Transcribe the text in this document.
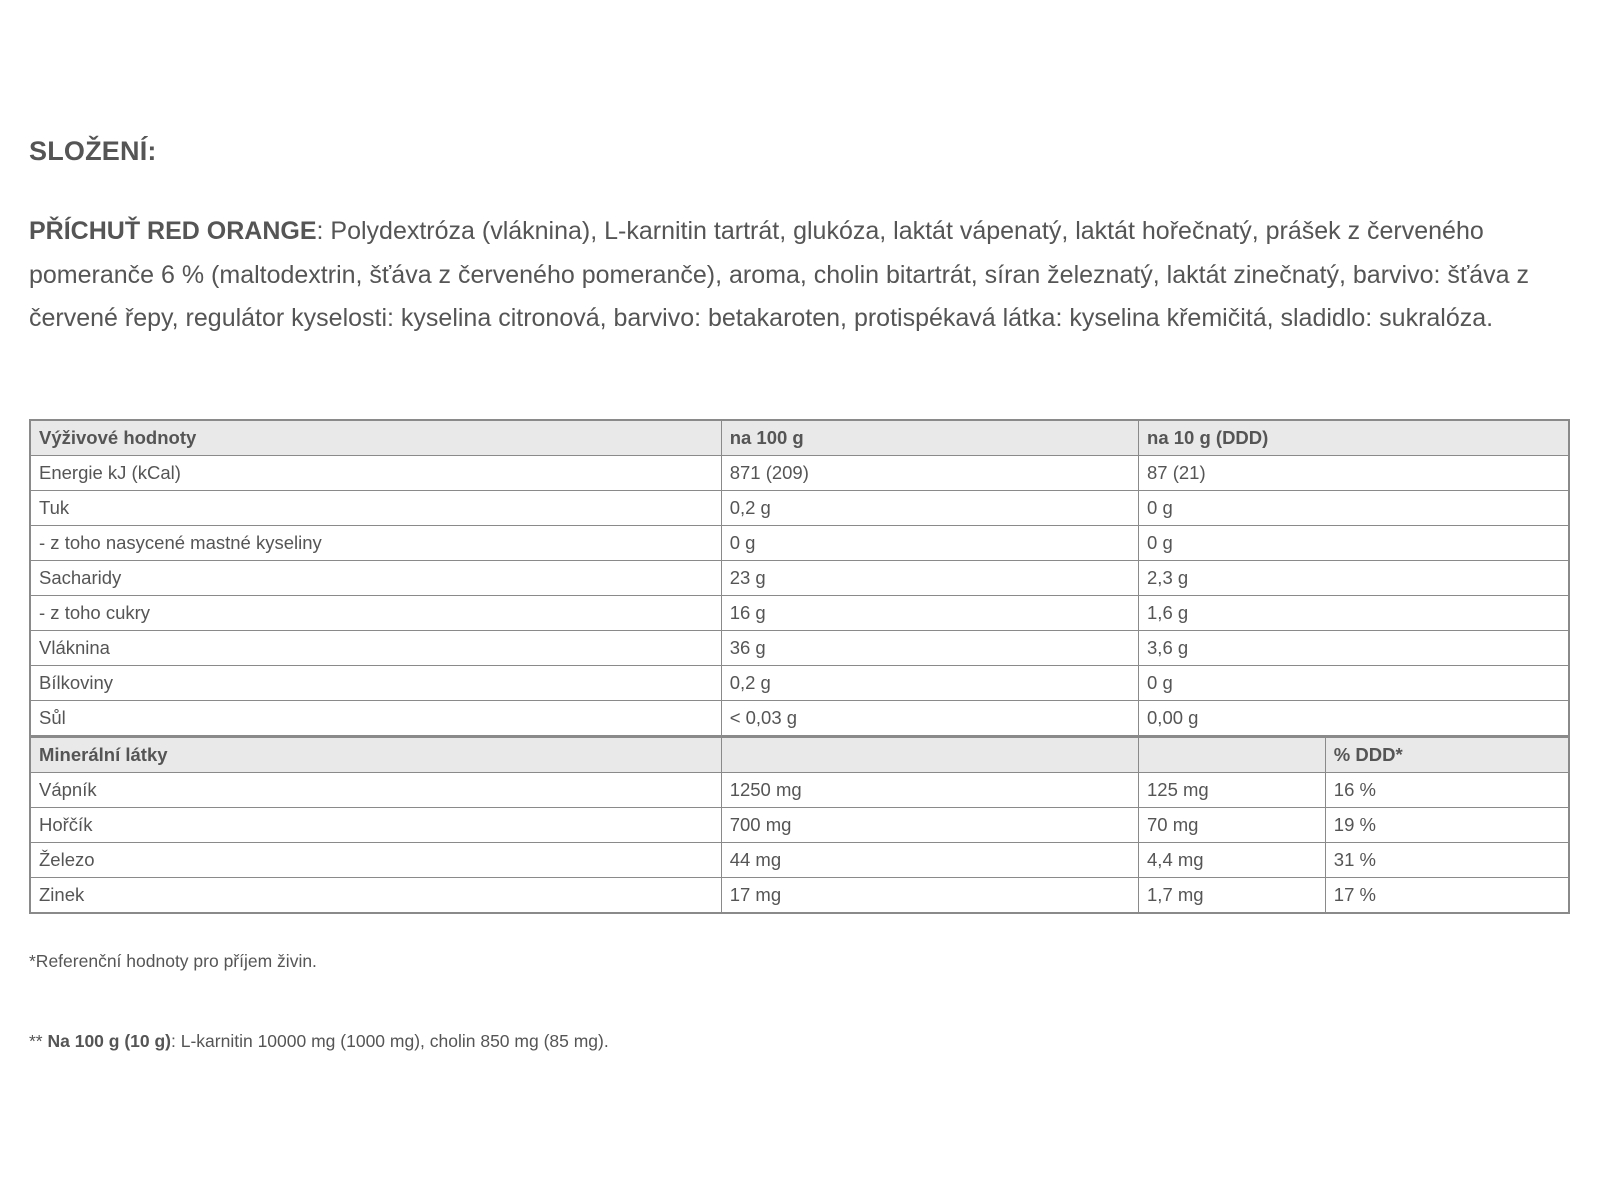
SLOŽENÍ:
PŘÍCHUŤ RED ORANGE: Polydextróza (vláknina), L-karnitin tartrát, glukóza, laktát vápenatý, laktát hořečnatý, prášek z červeného pomeranče 6 % (maltodextrin, šťáva z červeného pomeranče), aroma, cholin bitartrát, síran železnatý, laktát zinečnatý, barvivo: šťáva z červené řepy, regulátor kyselosti: kyselina citronová, barvivo: betakaroten, protispékavá látka: kyselina křemičitá, sladidlo: sukralóza.
Výživové hodnoty	na 100 g	na 10 g (DDD)	
Energie kJ (kCal)	871 (209)	87 (21)	
Tuk	0,2 g	0 g	
- z toho nasycené mastné kyseliny	0 g	0 g	
Sacharidy	23 g	2,3 g	
- z toho cukry	16 g	1,6 g	
Vláknina	36 g	3,6 g	
Bílkoviny	0,2 g	0 g	
Sůl	< 0,03 g	0,00 g	
Minerální látky			% DDD*
Vápník	1250 mg	125 mg	16 %
Hořčík	700 mg	70 mg	19 %
Železo	44 mg	4,4 mg	31 %
Zinek	17 mg	1,7 mg	17 %
*Referenční hodnoty pro příjem živin.
** Na 100 g (10 g): L-karnitin 10000 mg (1000 mg), cholin 850 mg (85 mg).
